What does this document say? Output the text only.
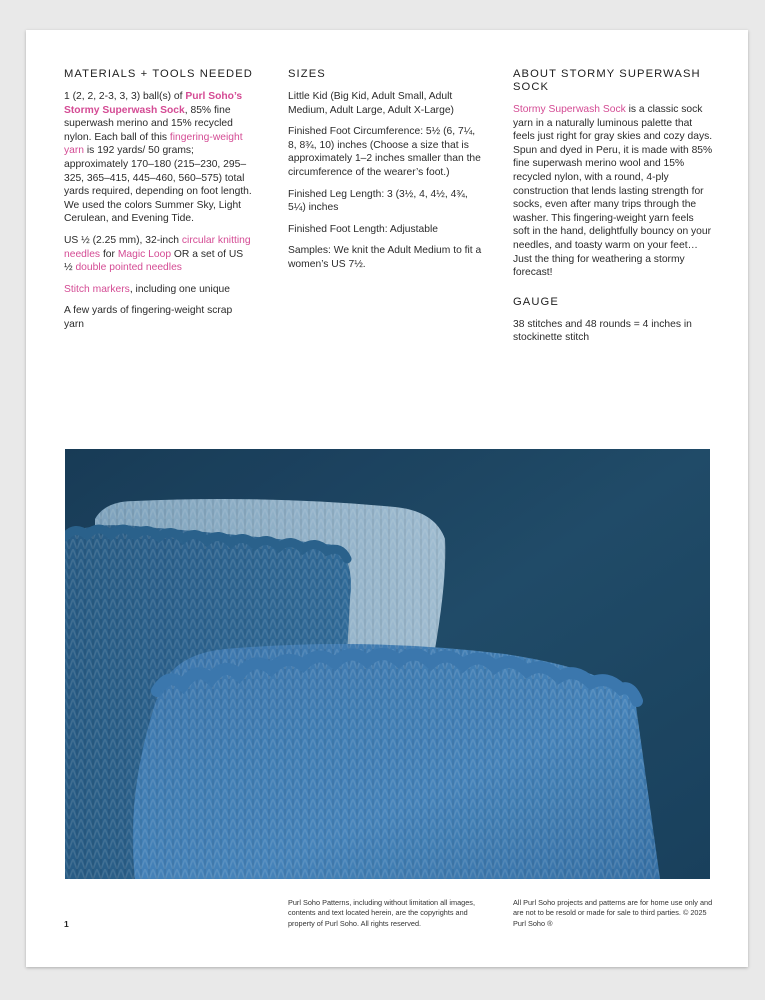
MATERIALS + TOOLS NEEDED

1 (2, 2, 2-3, 3, 3) ball(s) of Purl Soho’s Stormy Superwash Sock, 85% fine superwash merino and 15% recycled nylon. Each ball of this fingering-weight yarn is 192 yards/ 50 grams; approximately 170–180 (215–230, 295–325, 365–415, 445–460, 560–575) total yards required, depending on foot length. We used the colors Summer Sky, Light Cerulean, and Evening Tide.

US ½ (2.25 mm), 32-inch circular knitting needles for Magic Loop OR a set of US ½ double pointed needles

Stitch markers, including one unique

A few yards of fingering-weight scrap yarn

SIZES

Little Kid (Big Kid, Adult Small, Adult Medium, Adult Large, Adult X-Large)

Finished Foot Circumference: 5½ (6, 7¼, 8, 8¾, 10) inches (Choose a size that is approximately 1–2 inches smaller than the circumference of the wearer’s foot.)

Finished Leg Length: 3 (3½, 4, 4½, 4¾, 5¼) inches

Finished Foot Length: Adjustable

Samples: We knit the Adult Medium to fit a women’s US 7½.

ABOUT STORMY SUPERWASH SOCK

Stormy Superwash Sock is a classic sock yarn in a naturally luminous palette that feels just right for gray skies and cozy days. Spun and dyed in Peru, it is made with 85% fine superwash merino wool and 15% recycled nylon, with a round, 4-ply construction that lends lasting strength for socks, even after many trips through the washer. This fingering-weight yarn feels soft in the hand, delightfully bouncy on your needles, and toasty warm on your feet… Just the thing for weathering a stormy forecast!

GAUGE

38 stitches and 48 rounds = 4 inches in stockinette stitch

1
Purl Soho Patterns, including without limitation all images, contents and text located herein, are the copyrights and property of Purl Soho. All rights reserved.
All Purl Soho projects and patterns are for home use only and are not to be resold or made for sale to third parties. © 2025 Purl Soho ®
